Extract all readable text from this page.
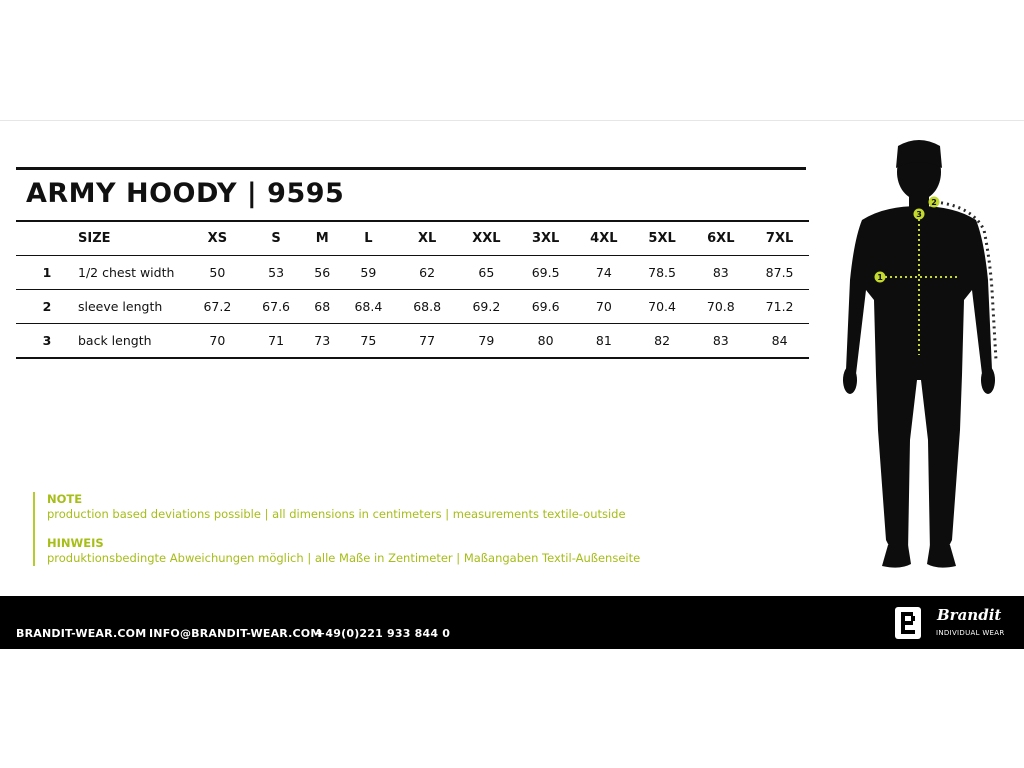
ARMY HOODY | 9595
	SIZE	XS	S	M	L	XL	XXL	3XL	4XL	5XL	6XL	7XL
1	1/2 chest width	50	53	56	59	62	65	69.5	74	78.5	83	87.5
2	sleeve length	67.2	67.6	68	68.4	68.8	69.2	69.6	70	70.4	70.8	71.2
3	back length	70	71	73	75	77	79	80	81	82	83	84
NOTE
production based deviations possible | all dimensions in centimeters | measurements textile-outside
HINWEIS
produktionsbedingte Abweichungen möglich | alle Maße in Zentimeter | Maßangaben Textil-Außenseite
1
2
3
BRANDIT-WEAR.COM INFO@BRANDIT-WEAR.COM
+49(0)221 933 844 0
Brandit
INDIVIDUAL WEAR
